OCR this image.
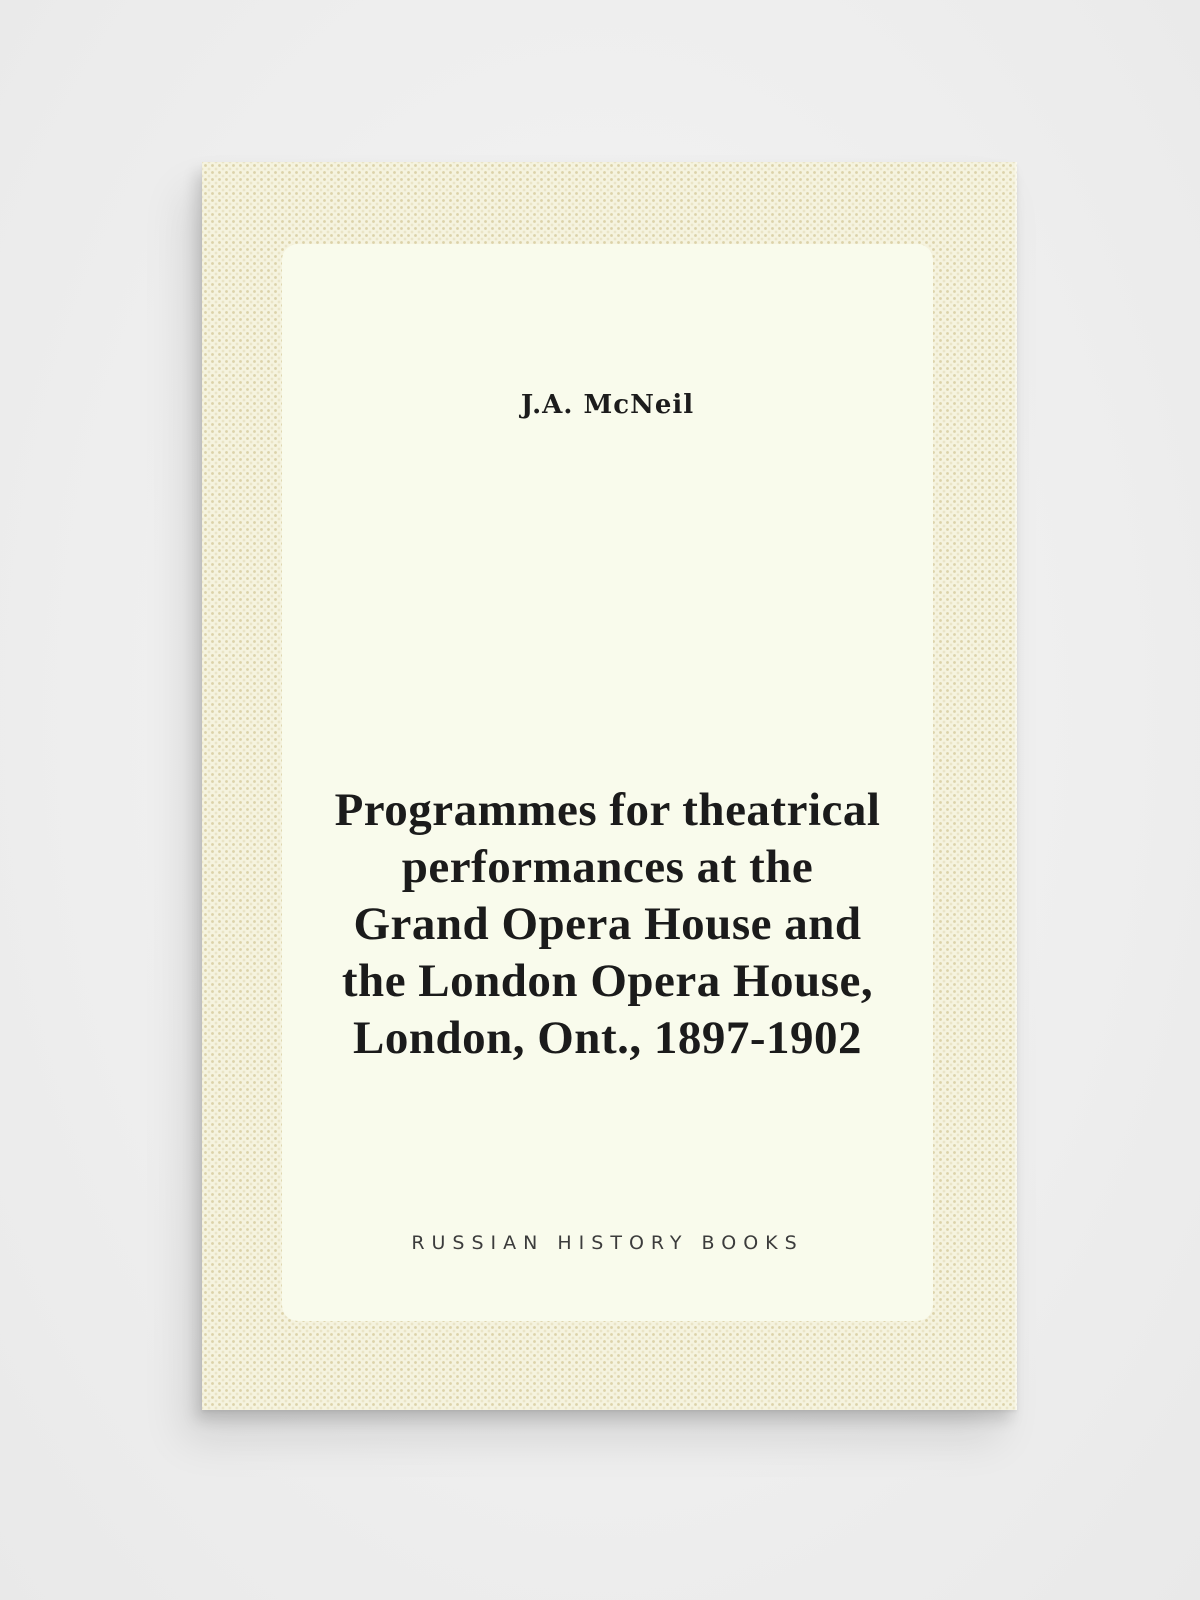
J.A. McNeil

Programmes for theatrical
performances at the
Grand Opera House and
the London Opera House,
London, Ont., 1897-1902

RUSSIAN HISTORY BOOKS
